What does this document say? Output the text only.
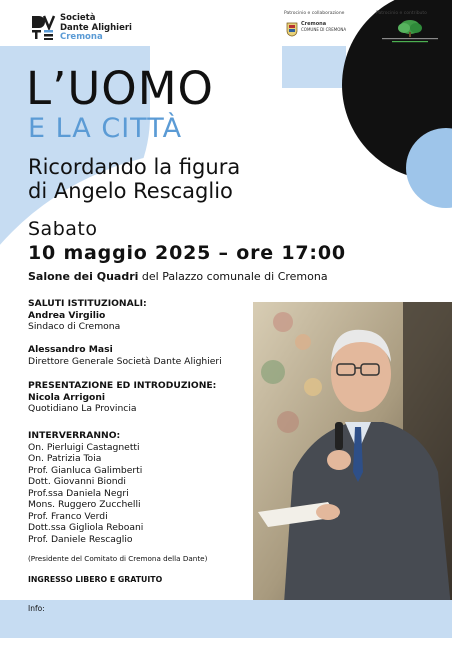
Società
Dante Alighieri
Cremona
Patrocinio e collaborazione
Cremona
COMUNE DI CREMONA
Patrocinio e contributo
L’UOMO
E LA CITTÀ
Ricordando la figura
di Angelo Rescaglio
Sabato
10 maggio 2025 – ore 17:00
Salone dei Quadri del Palazzo comunale di Cremona
SALUTI ISTITUZIONALI:
Andrea Virgilio
Sindaco di Cremona
Alessandro Masi
Direttore Generale Società Dante Alighieri
PRESENTAZIONE ED INTRODUZIONE:
Nicola Arrigoni
Quotidiano La Provincia
INTERVERRANNO:
On. Pierluigi Castagnetti
On. Patrizia Toia
Prof. Gianluca Galimberti
Dott. Giovanni Biondi
Prof.ssa Daniela Negri
Mons. Ruggero Zucchelli
Prof. Franco Verdi
Dott.ssa Gigliola Reboani
Prof. Daniele Rescaglio
(Presidente del Comitato di Cremona della Dante)
INGRESSO LIBERO E GRATUITO
Info:
